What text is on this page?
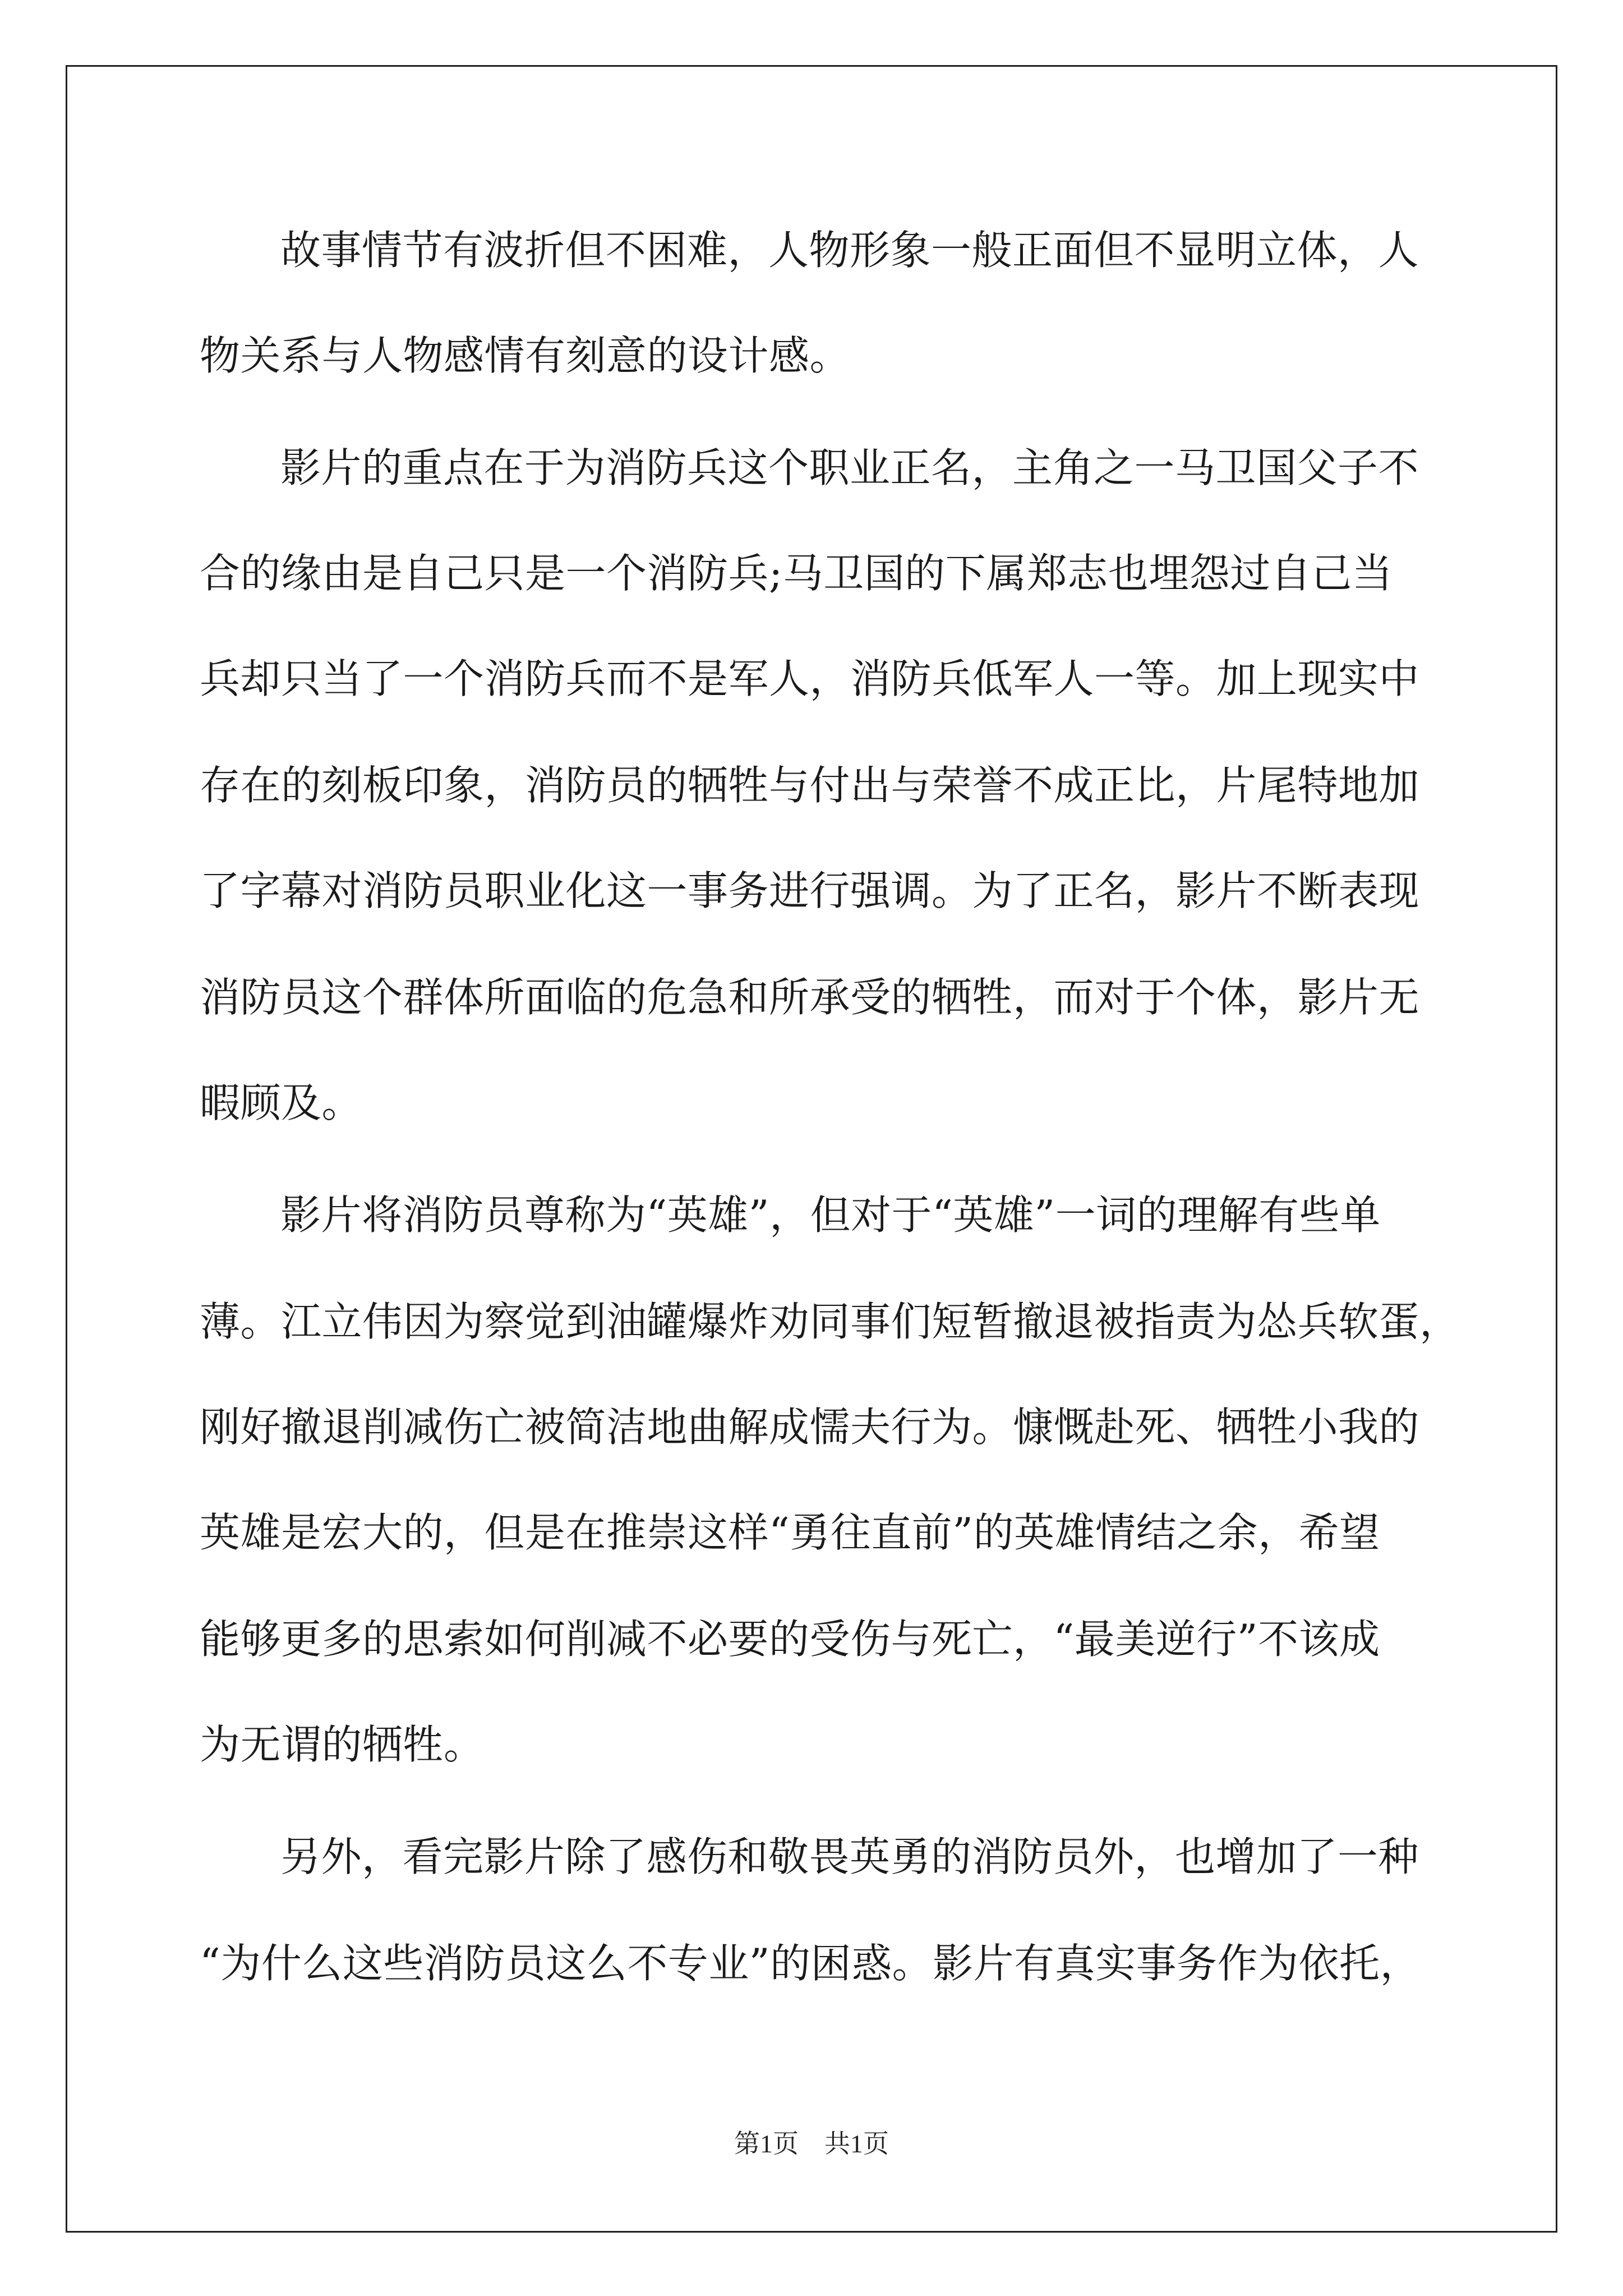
故事情节有波折但不困难，人物形象一般正面但不显明立体，人
物关系与人物感情有刻意的设计感。
影片的重点在于为消防兵这个职业正名，主角之一马卫国父子不
合的缘由是自己只是一个消防兵;马卫国的下属郑志也埋怨过自己当
兵却只当了一个消防兵而不是军人，消防兵低军人一等。加上现实中
存在的刻板印象，消防员的牺牲与付出与荣誉不成正比，片尾特地加
了字幕对消防员职业化这一事务进行强调。为了正名，影片不断表现
消防员这个群体所面临的危急和所承受的牺牲，而对于个体，影片无
暇顾及。
影片将消防员尊称为“英雄”，但对于“英雄”一词的理解有些单
薄。江立伟因为察觉到油罐爆炸劝同事们短暂撤退被指责为怂兵软蛋，
刚好撤退削减伤亡被简洁地曲解成懦夫行为。慷慨赴死、牺牲小我的
英雄是宏大的，但是在推崇这样“勇往直前”的英雄情结之余，希望
能够更多的思索如何削减不必要的受伤与死亡，“最美逆行”不该成
为无谓的牺牲。
另外，看完影片除了感伤和敬畏英勇的消防员外，也增加了一种
“为什么这些消防员这么不专业”的困惑。影片有真实事务作为依托，
第1页　共1页
